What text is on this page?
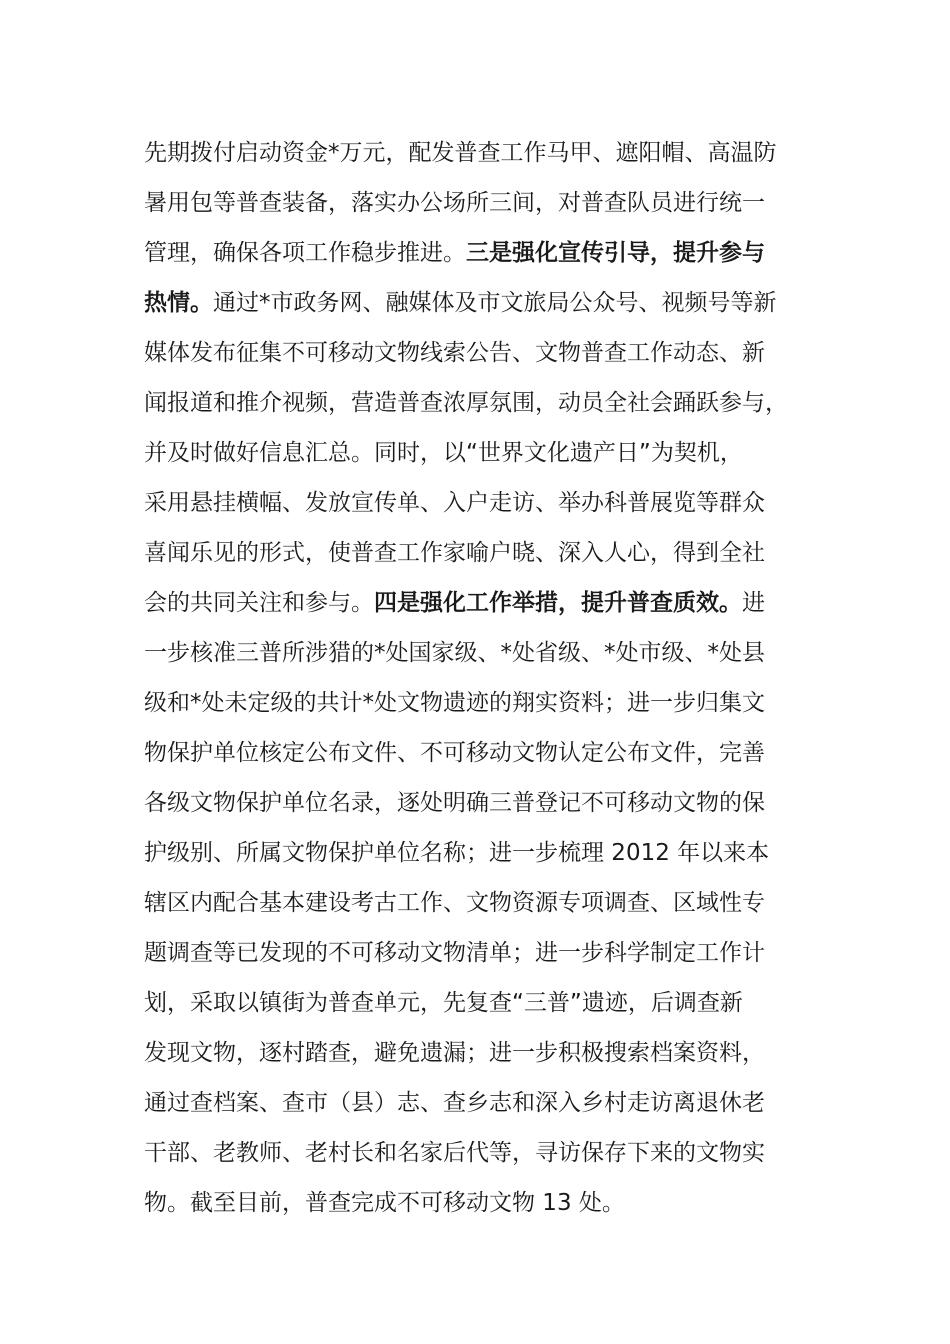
先期拨付启动资金*万元，配发普查工作马甲、遮阳帽、高温防
暑用包等普查装备，落实办公场所三间，对普查队员进行统一
管理，确保各项工作稳步推进。三是强化宣传引导，提升参与
热情。通过*市政务网、融媒体及市文旅局公众号、视频号等新
媒体发布征集不可移动文物线索公告、文物普查工作动态、新
闻报道和推介视频，营造普查浓厚氛围，动员全社会踊跃参与，
并及时做好信息汇总。同时，以“世界文化遗产日”为契机，
采用悬挂横幅、发放宣传单、入户走访、举办科普展览等群众
喜闻乐见的形式，使普查工作家喻户晓、深入人心，得到全社
会的共同关注和参与。四是强化工作举措，提升普查质效。进
一步核准三普所涉猎的*处国家级、*处省级、*处市级、*处县
级和*处未定级的共计*处文物遗迹的翔实资料；进一步归集文
物保护单位核定公布文件、不可移动文物认定公布文件，完善
各级文物保护单位名录，逐处明确三普登记不可移动文物的保
护级别、所属文物保护单位名称；进一步梳理 2012 年以来本
辖区内配合基本建设考古工作、文物资源专项调查、区域性专
题调查等已发现的不可移动文物清单；进一步科学制定工作计
划，采取以镇街为普查单元，先复查“三普”遗迹，后调查新
发现文物，逐村踏查，避免遗漏；进一步积极搜索档案资料，
通过查档案、查市（县）志、查乡志和深入乡村走访离退休老
干部、老教师、老村长和名家后代等，寻访保存下来的文物实
物。截至目前，普查完成不可移动文物 13 处。
